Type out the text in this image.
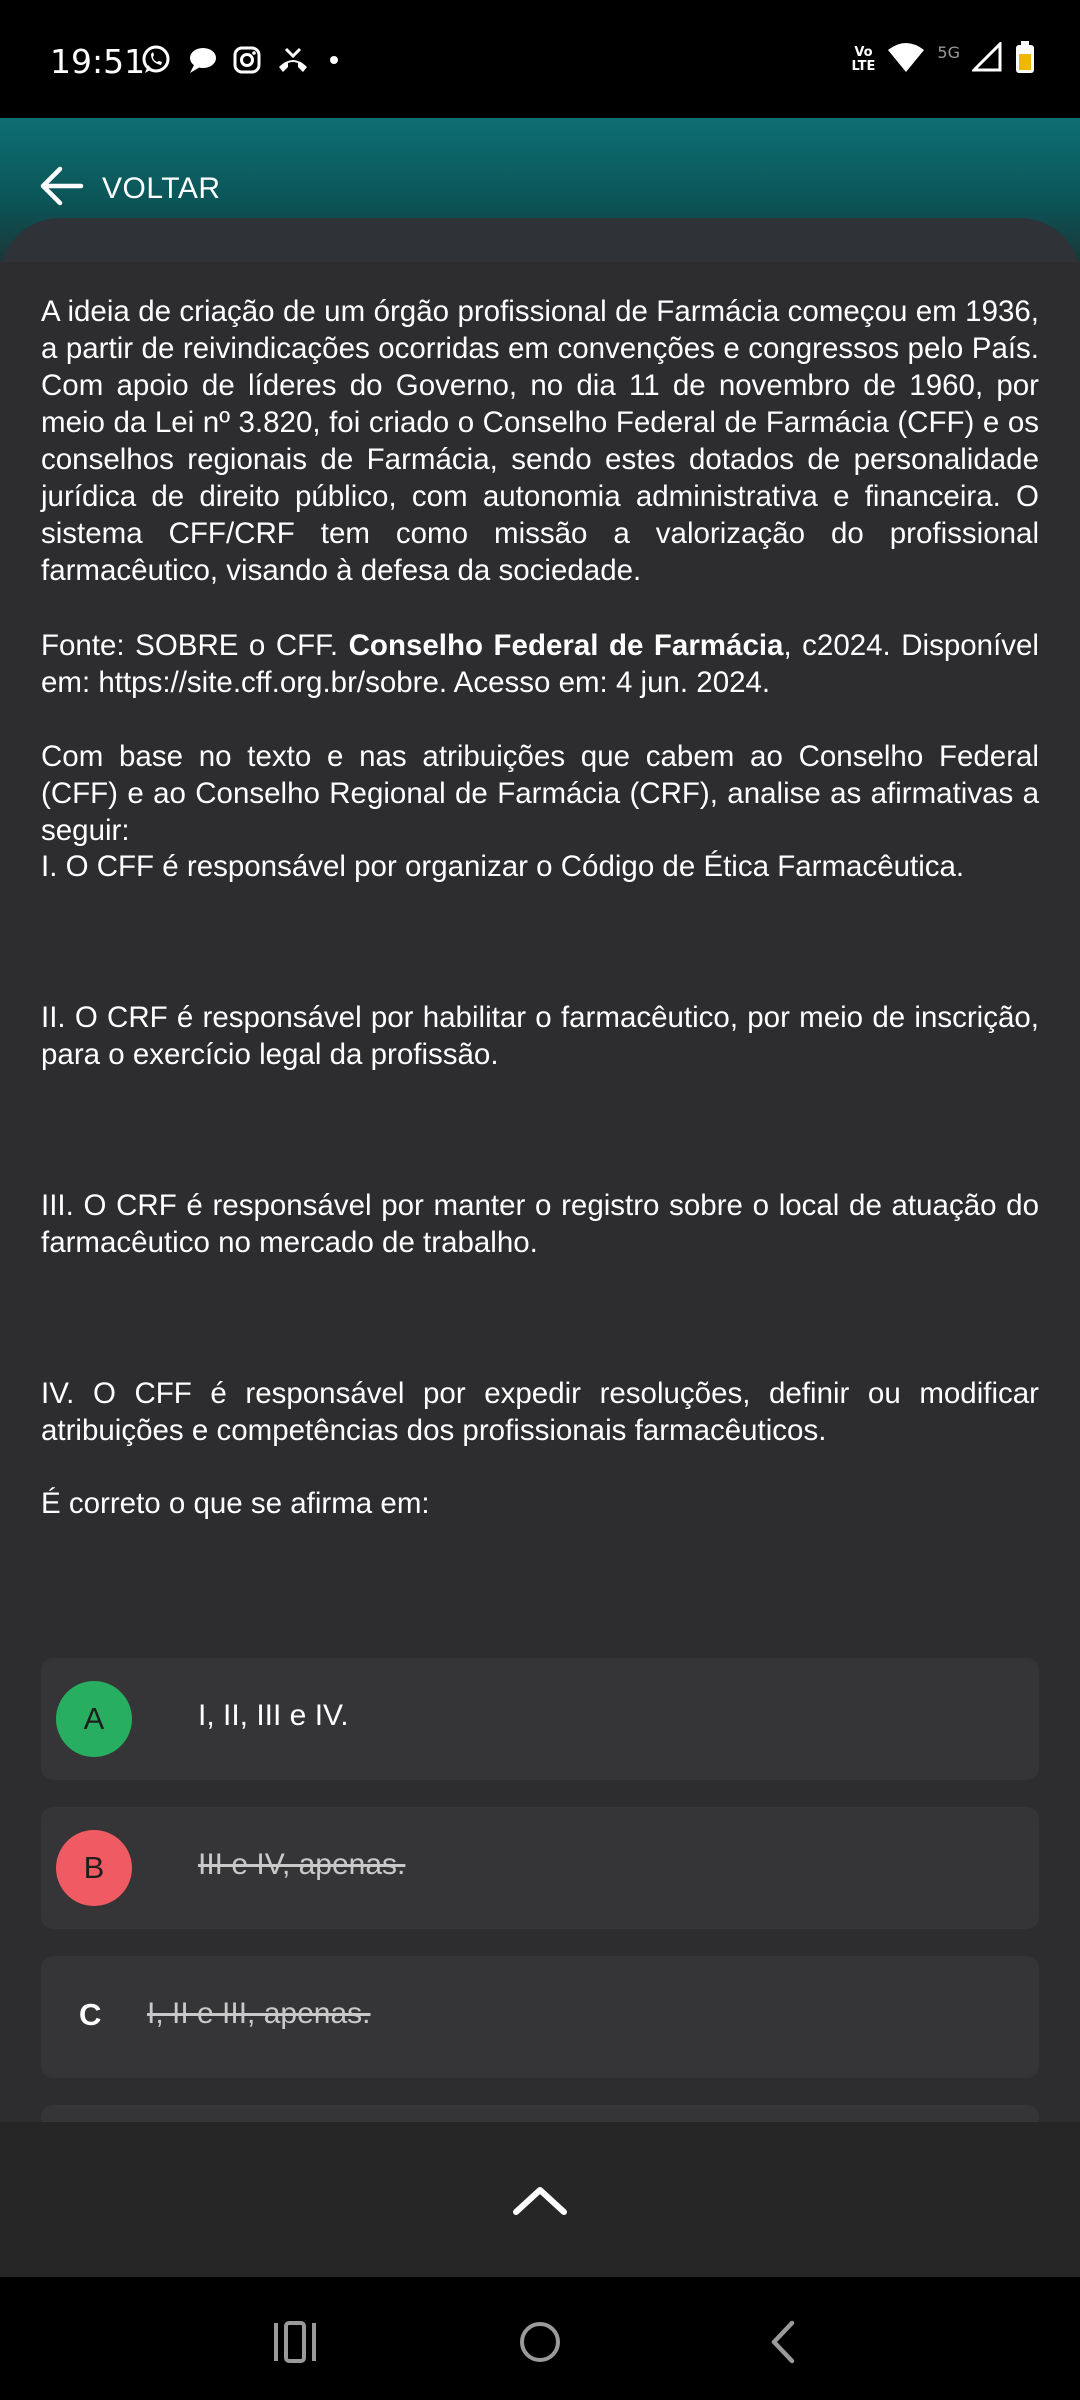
19:51	Vo
LTE
5G
VOLTAR

A ideia de criação de um órgão profissional de Farmácia começou em 1936, a partir de reivindicações ocorridas em convenções e congressos pelo País. Com apoio de líderes do Governo, no dia 11 de novembro de 1960, por meio da Lei nº 3.820, foi criado o Conselho Federal de Farmácia (CFF) e os conselhos regionais de Farmácia, sendo estes dotados de personalidade jurídica de direito público, com autonomia administrativa e financeira. O sistema CFF/CRF tem como missão a valorização do profissional farmacêutico, visando à defesa da sociedade.

Fonte: SOBRE o CFF. Conselho Federal de Farmácia, c2024. Disponível em: https://site.cff.org.br/sobre. Acesso em: 4 jun. 2024.

Com base no texto e nas atribuições que cabem ao Conselho Federal (CFF) e ao Conselho Regional de Farmácia (CRF), analise as afirmativas a seguir:

I. O CFF é responsável por organizar o Código de Ética Farmacêutica.

II. O CRF é responsável por habilitar o farmacêutico, por meio de inscrição, para o exercício legal da profissão.

III. O CRF é responsável por manter o registro sobre o local de atuação do farmacêutico no mercado de trabalho.

IV. O CFF é responsável por expedir resoluções, definir ou modificar atribuições e competências dos profissionais farmacêuticos.

É correto o que se afirma em:

A	I, II, III e IV.
B	III e IV, apenas.
C I, II e III, apenas.
